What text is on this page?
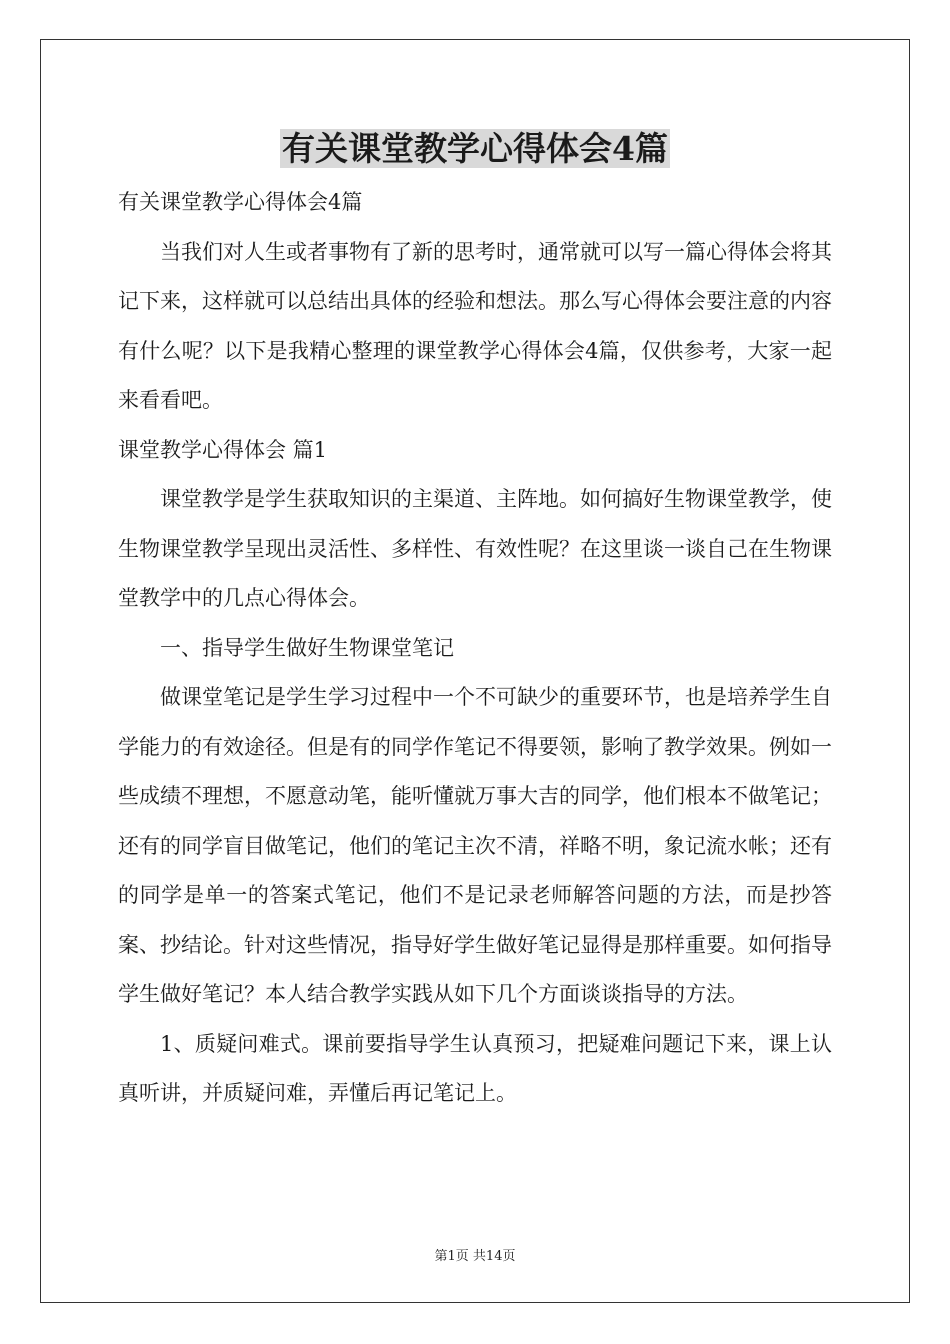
有关课堂教学心得体会4篇
有关课堂教学心得体会4篇

当我们对人生或者事物有了新的思考时，通常就可以写一篇心得体会将其记下来，这样就可以总结出具体的经验和想法。那么写心得体会要注意的内容有什么呢？以下是我精心整理的课堂教学心得体会4篇，仅供参考，大家一起来看看吧。

课堂教学心得体会 篇1

课堂教学是学生获取知识的主渠道、主阵地。如何搞好生物课堂教学，使生物课堂教学呈现出灵活性、多样性、有效性呢？在这里谈一谈自己在生物课堂教学中的几点心得体会。

一、指导学生做好生物课堂笔记

做课堂笔记是学生学习过程中一个不可缺少的重要环节，也是培养学生自学能力的有效途径。但是有的同学作笔记不得要领，影响了教学效果。例如一些成绩不理想，不愿意动笔，能听懂就万事大吉的同学，他们根本不做笔记；还有的同学盲目做笔记，他们的笔记主次不清，祥略不明，象记流水帐；还有的同学是单一的答案式笔记，他们不是记录老师解答问题的方法，而是抄答案、抄结论。针对这些情况，指导好学生做好笔记显得是那样重要。如何指导学生做好笔记？本人结合教学实践从如下几个方面谈谈指导的方法。

1、质疑问难式。课前要指导学生认真预习，把疑难问题记下来，课上认真听讲，并质疑问难，弄懂后再记笔记上。

第1页 共14页
